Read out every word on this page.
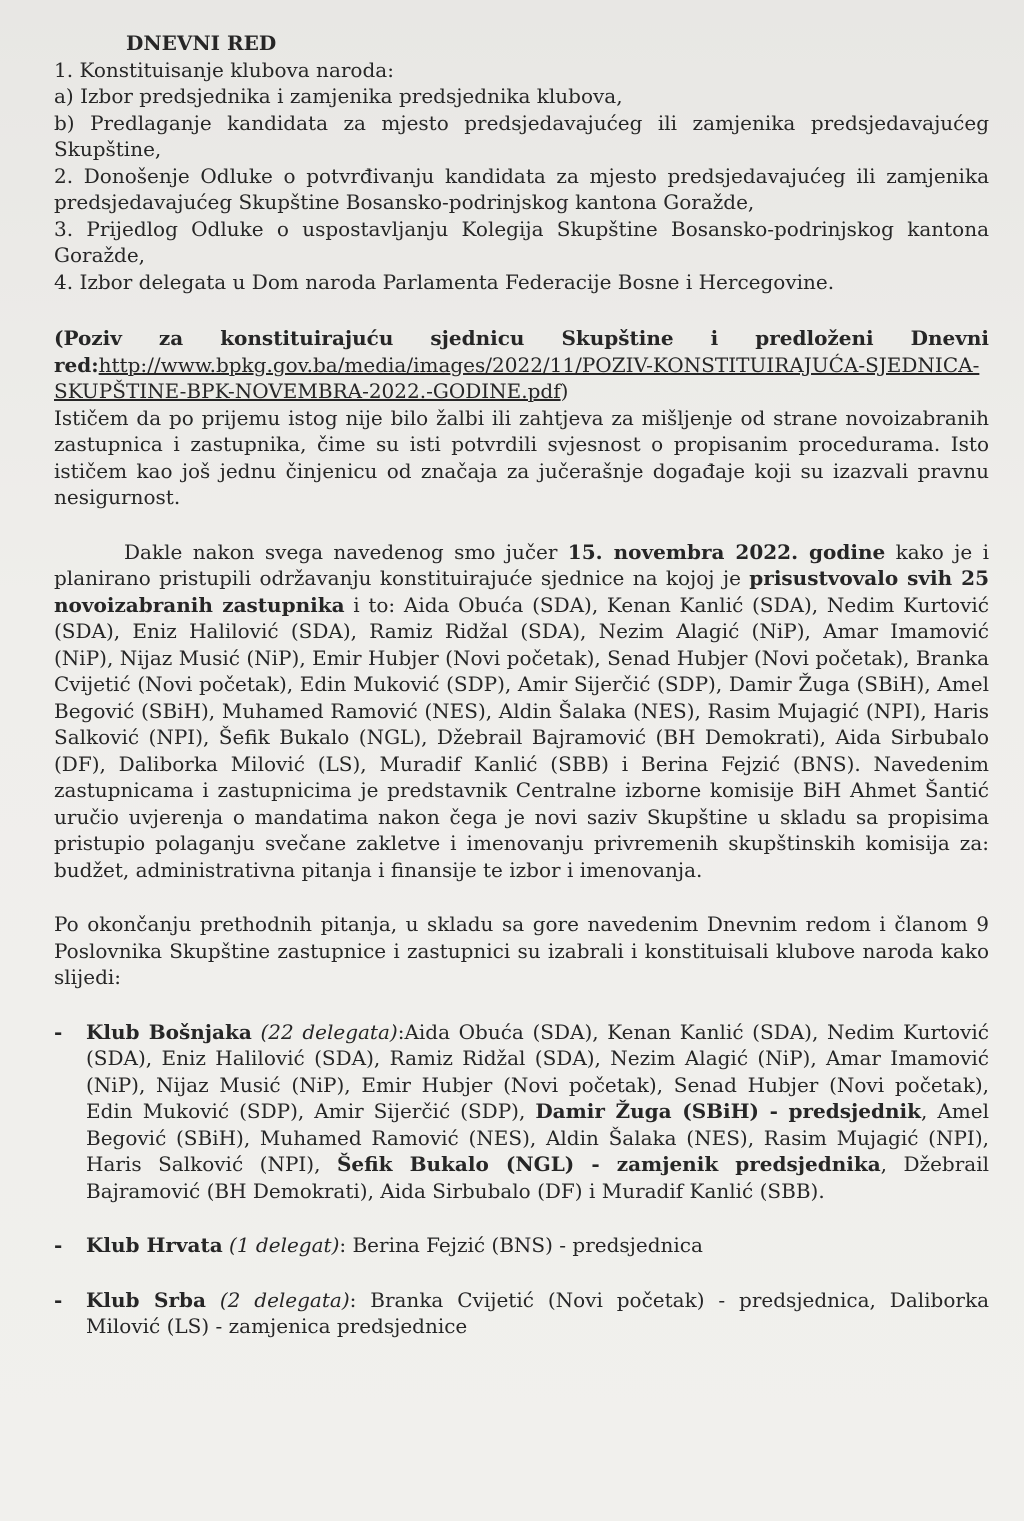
DNEVNI RED

1. Konstituisanje klubova naroda:

a) Izbor predsjednika i zamjenika predsjednika klubova,

b) Predlaganje kandidata za mjesto predsjedavajućeg ili zamjenika predsjedavajućeg Skupštine,

2. Donošenje Odluke o potvrđivanju kandidata za mjesto predsjedavajućeg ili zamjenika predsjedavajućeg Skupštine Bosansko-podrinjskog kantona Goražde,

3. Prijedlog Odluke o uspostavljanju Kolegija Skupštine Bosansko-podrinjskog kantona Goražde,

4. Izbor delegata u Dom naroda Parlamenta Federacije Bosne i Hercegovine.

(Poziv za konstituirajuću sjednicu Skupštine i predloženi Dnevni red:http://www.bpkg.gov.ba/media/images/2022/11/POZIV-KONSTITUIRAJUĆA-SJEDNICA-SKUPŠTINE-BPK-NOVEMBRA-2022.-GODINE.pdf)

Ističem da po prijemu istog nije bilo žalbi ili zahtjeva za mišljenje od strane novoizabranih zastupnica i zastupnika, čime su isti potvrdili svjesnost o propisanim procedurama. Isto ističem kao još jednu činjenicu od značaja za jučerašnje događaje koji su izazvali pravnu nesigurnost.

Dakle nakon svega navedenog smo jučer 15. novembra 2022. godine kako je i planirano pristupili održavanju konstituirajuće sjednice na kojoj je prisustvovalo svih 25 novoizabranih zastupnika i to: Aida Obuća (SDA), Kenan Kanlić (SDA), Nedim Kurtović (SDA), Eniz Halilović (SDA), Ramiz Ridžal (SDA), Nezim Alagić (NiP), Amar Imamović (NiP), Nijaz Musić (NiP), Emir Hubjer (Novi početak), Senad Hubjer (Novi početak), Branka Cvijetić (Novi početak), Edin Muković (SDP), Amir Sijerčić (SDP), Damir Žuga (SBiH), Amel Begović (SBiH), Muhamed Ramović (NES), Aldin Šalaka (NES), Rasim Mujagić (NPI), Haris Salković (NPI), Šefik Bukalo (NGL), Džebrail Bajramović (BH Demokrati), Aida Sirbubalo (DF), Daliborka Milović (LS), Muradif Kanlić (SBB) i Berina Fejzić (BNS). Navedenim zastupnicama i zastupnicima je predstavnik Centralne izborne komisije BiH Ahmet Šantić uručio uvjerenja o mandatima nakon čega je novi saziv Skupštine u skladu sa propisima pristupio polaganju svečane zakletve i imenovanju privremenih skupštinskih komisija za: budžet, administrativna pitanja i finansije te izbor i imenovanja.

Po okončanju prethodnih pitanja, u skladu sa gore navedenim Dnevnim redom i članom 9 Poslovnika Skupštine zastupnice i zastupnici su izabrali i konstituisali klubove naroda kako slijedi:

- Klub Bošnjaka (22 delegata):Aida Obuća (SDA), Kenan Kanlić (SDA), Nedim Kurtović (SDA), Eniz Halilović (SDA), Ramiz Ridžal (SDA), Nezim Alagić (NiP), Amar Imamović (NiP), Nijaz Musić (NiP), Emir Hubjer (Novi početak), Senad Hubjer (Novi početak), Edin Muković (SDP), Amir Sijerčić (SDP), Damir Žuga (SBiH) - predsjednik, Amel Begović (SBiH), Muhamed Ramović (NES), Aldin Šalaka (NES), Rasim Mujagić (NPI), Haris Salković (NPI), Šefik Bukalo (NGL) - zamjenik predsjednika, Džebrail Bajramović (BH Demokrati), Aida Sirbubalo (DF) i Muradif Kanlić (SBB).
- Klub Hrvata (1 delegat): Berina Fejzić (BNS) - predsjednica
- Klub Srba (2 delegata): Branka Cvijetić (Novi početak) - predsjednica, Daliborka Milović (LS) - zamjenica predsjednice
